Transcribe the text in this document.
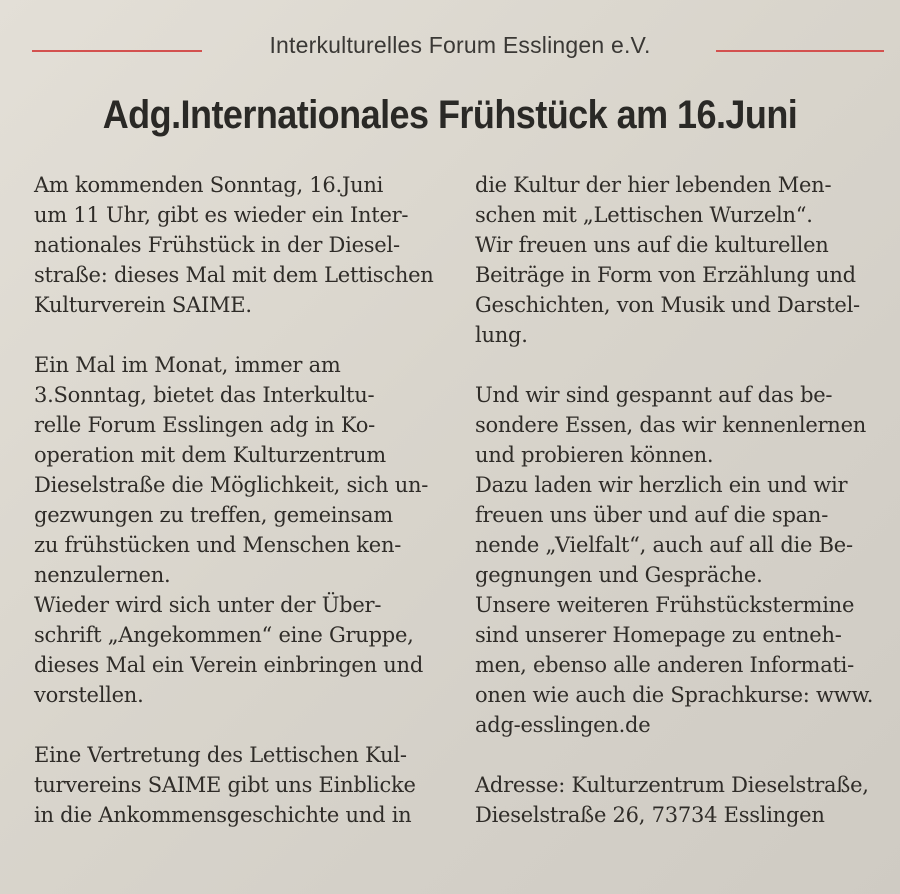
Interkulturelles Forum Esslingen e.V.
Adg.Internationales Frühstück am 16.Juni
Am kommenden Sonntag, 16.Juni
um 11 Uhr, gibt es wieder ein Inter-
nationales Frühstück in der Diesel-
straße: dieses Mal mit dem Lettischen
Kulturverein SAIME.
Ein Mal im Monat, immer am
3.Sonntag, bietet das Interkultu-
relle Forum Esslingen adg in Ko-
operation mit dem Kulturzentrum
Dieselstraße die Möglichkeit, sich un-
gezwungen zu treffen, gemeinsam
zu frühstücken und Menschen ken-
nenzulernen.
Wieder wird sich unter der Über-
schrift „Angekommen“ eine Gruppe,
dieses Mal ein Verein einbringen und
vorstellen.
Eine Vertretung des Lettischen Kul-
turvereins SAIME gibt uns Einblicke
in die Ankommensgeschichte und in
die Kultur der hier lebenden Men-
schen mit „Lettischen Wurzeln“.
Wir freuen uns auf die kulturellen
Beiträge in Form von Erzählung und
Geschichten, von Musik und Darstel-
lung.
Und wir sind gespannt auf das be-
sondere Essen, das wir kennenlernen
und probieren können.
Dazu laden wir herzlich ein und wir
freuen uns über und auf die span-
nende „Vielfalt“, auch auf all die Be-
gegnungen und Gespräche.
Unsere weiteren Frühstückstermine
sind unserer Homepage zu entneh-
men, ebenso alle anderen Informati-
onen wie auch die Sprachkurse: www.
adg-esslingen.de
Adresse: Kulturzentrum Dieselstraße,
Dieselstraße 26, 73734 Esslingen
